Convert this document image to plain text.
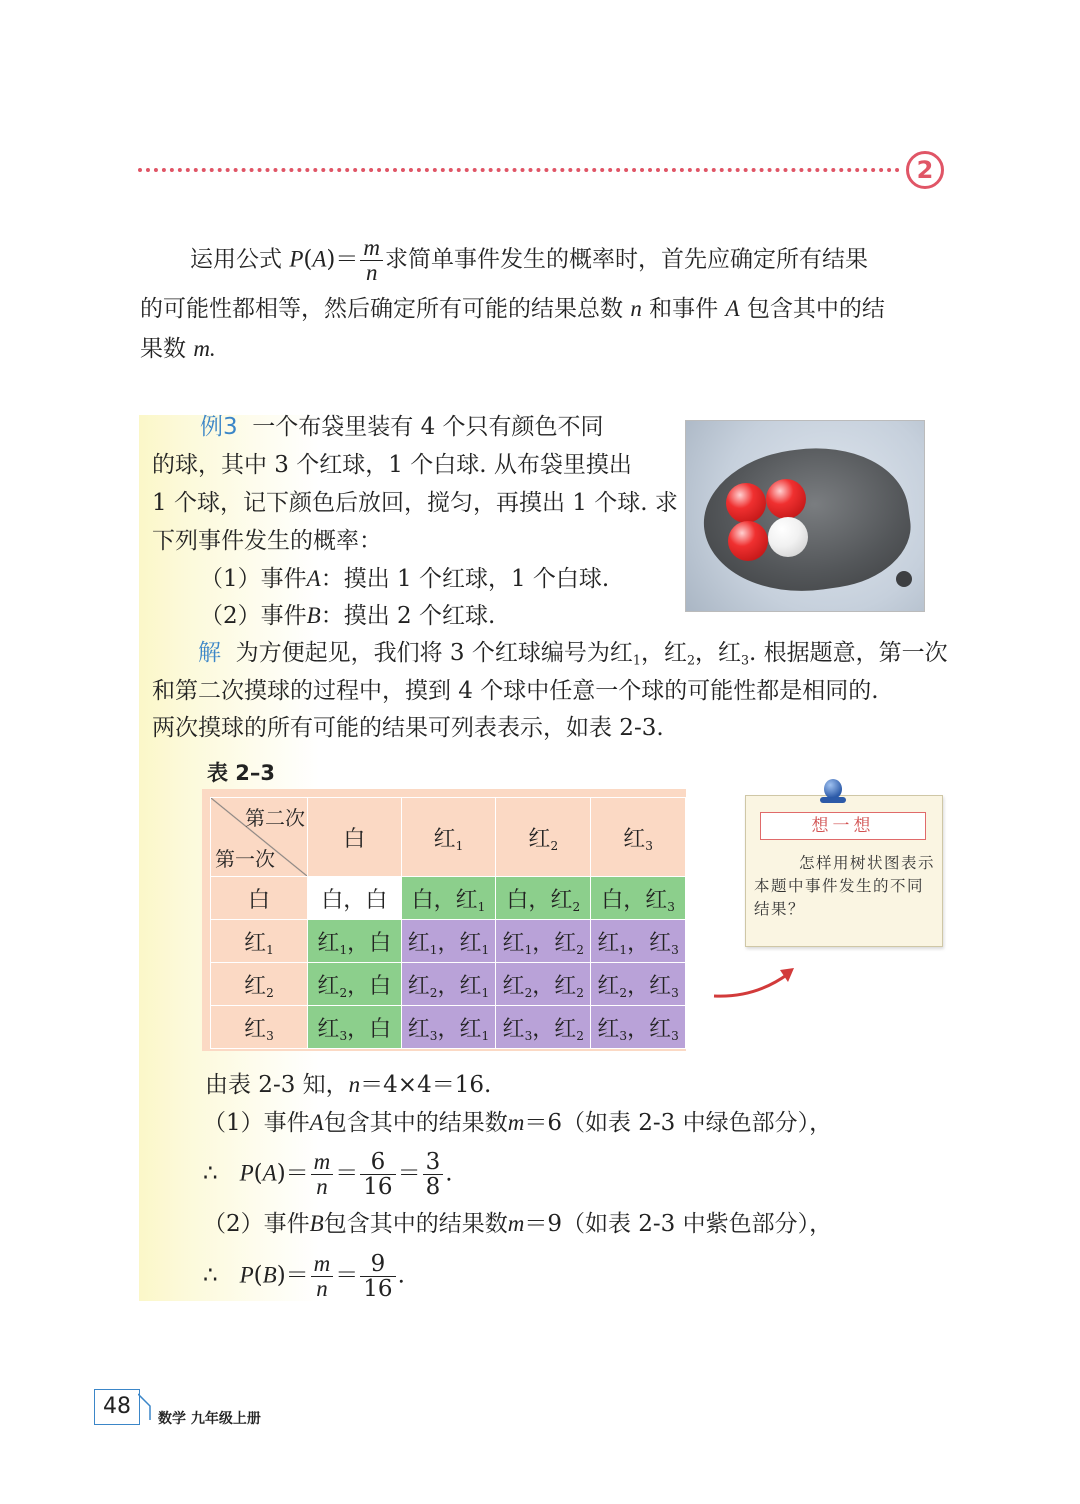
2
运用公式 $P(A)= \frac{m}{n}$ 求简单事件发生的概率时，首先应确定所有结果
的可能性都相等，然后确定所有可能的结果总数 n 和事件 A 包含其中的结
果数 m.
例3 一个布袋里装有 4 个只有颜色不同
的球，其中 3 个红球，1 个白球. 从布袋里摸出
1 个球，记下颜色后放回，搅匀，再摸出 1 个球. 求
下列事件发生的概率：
（1）事件A：摸出 1 个红球，1 个白球.
（2）事件B：摸出 2 个红球.
解 为方便起见，我们将 3 个红球编号为红$_1$，红$_2$，红$_3$. 根据题意，第一次
和第二次摸球的过程中，摸到 4 个球中任意一个球的可能性都是相同的.
两次摸球的所有可能的结果可列表表示，如表 2-3.
表 2–3
第二次
第一次	白	红$_1$	红$_2$	红$_3$
白	白，白	白，红$_1$	白，红$_2$	白，红$_3$
红$_1$	红$_1$，白	红$_1$，红$_1$	红$_1$，红$_2$	红$_1$，红$_3$
红$_2$	红$_2$，白	红$_2$，红$_1$	红$_2$，红$_2$	红$_2$，红$_3$
红$_3$	红$_3$，白	红$_3$，红$_1$	红$_3$，红$_2$	红$_3$，红$_3$
想一想
怎样用树状图表示本题中事件发生的不同结果？
由表 2-3 知，n＝4×4＝16.
（1）事件A包含其中的结果数m＝6（如表 2-3 中绿色部分），
∴ $P(A)= \frac{m}{n} = \frac{6}{16} = \frac{3}{8}$ .
（2）事件B包含其中的结果数m＝9（如表 2-3 中紫色部分），
∴ $P(B)= \frac{m}{n} = \frac{9}{16}$ .
48	数学 九年级上册
